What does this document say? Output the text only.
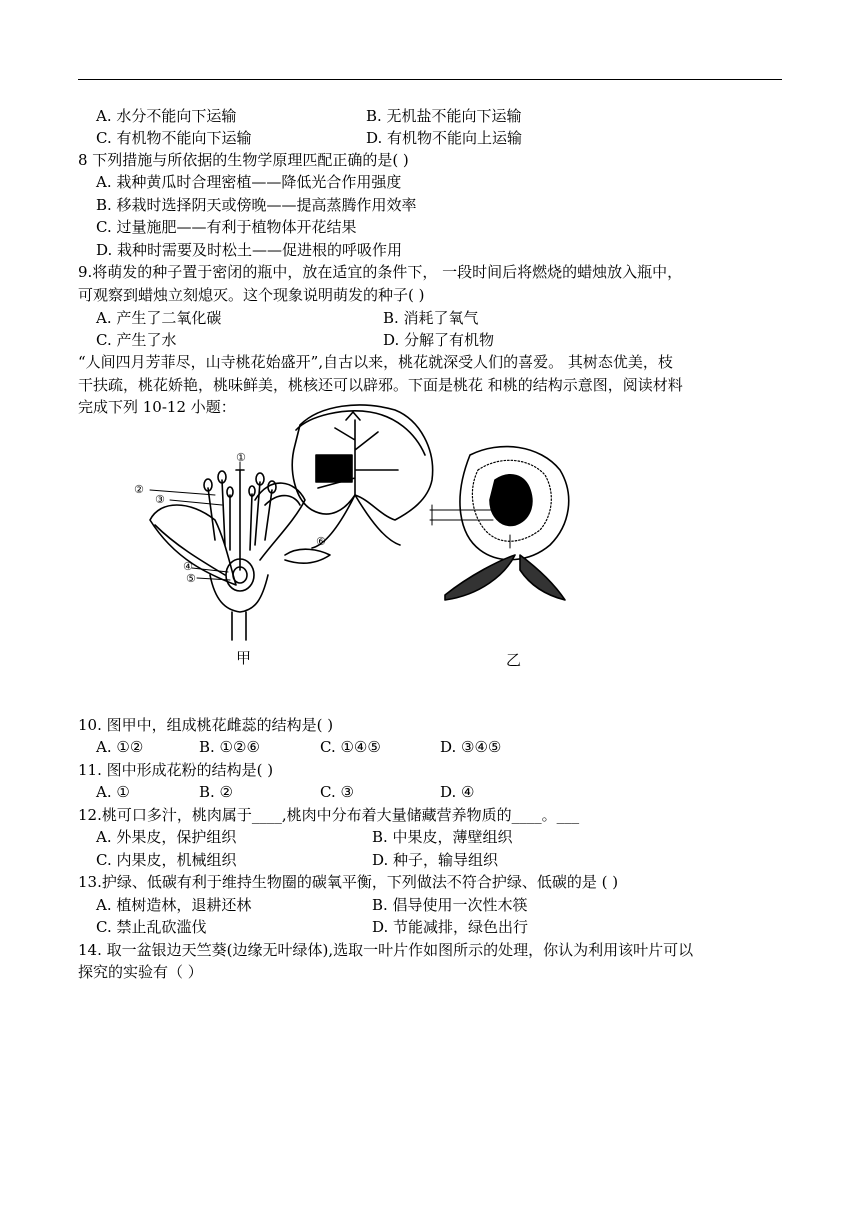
A. 水分不能向下运输	B. 无机盐不能向下运输
C. 有机物不能向下运输	D. 有机物不能向上运输
8 下列措施与所依据的生物学原理匹配正确的是( )
A. 栽种黄瓜时合理密植——降低光合作用强度
B. 移栽时选择阴天或傍晚——提高蒸腾作用效率
C. 过量施肥——有利于植物体开花结果
D. 栽种时需要及时松土——促进根的呼吸作用
9.将萌发的种子置于密闭的瓶中，放在适宜的条件下， 一段时间后将燃烧的蜡烛放入瓶中，
可观察到蜡烛立刻熄灭。这个现象说明萌发的种子( )
A. 产生了二氧化碳	B. 消耗了氧气
C. 产生了水	D. 分解了有机物
“人间四月芳菲尽，山寺桃花始盛开”,自古以来，桃花就深受人们的喜爱。 其树态优美，枝
干扶疏，桃花娇艳，桃味鲜美，桃核还可以辟邪。下面是桃花 和桃的结构示意图，阅读材料
完成下列 10-12 小题：
①
②
③
④
⑤
⑥
甲	乙
10. 图甲中，组成桃花雌蕊的结构是( )
A. ①②	B. ①②⑥	C. ①④⑤	D. ③④⑤
11. 图中形成花粉的结构是( )
A. ①	B. ②	C. ③	D. ④
12.桃可口多汁，桃肉属于____,桃肉中分布着大量储藏营养物质的____。___
A. 外果皮，保护组织	B. 中果皮，薄壁组织
C. 内果皮，机械组织	D. 种子，输导组织
13.护绿、低碳有利于维持生物圈的碳氧平衡，下列做法不符合护绿、低碳的是 ( )
A. 植树造林，退耕还林	B. 倡导使用一次性木筷
C. 禁止乱砍滥伐	D. 节能减排，绿色出行
14. 取一盆银边天竺葵(边缘无叶绿体),选取一叶片作如图所示的处理，你认为利用该叶片可以
探究的实验有（ ）
